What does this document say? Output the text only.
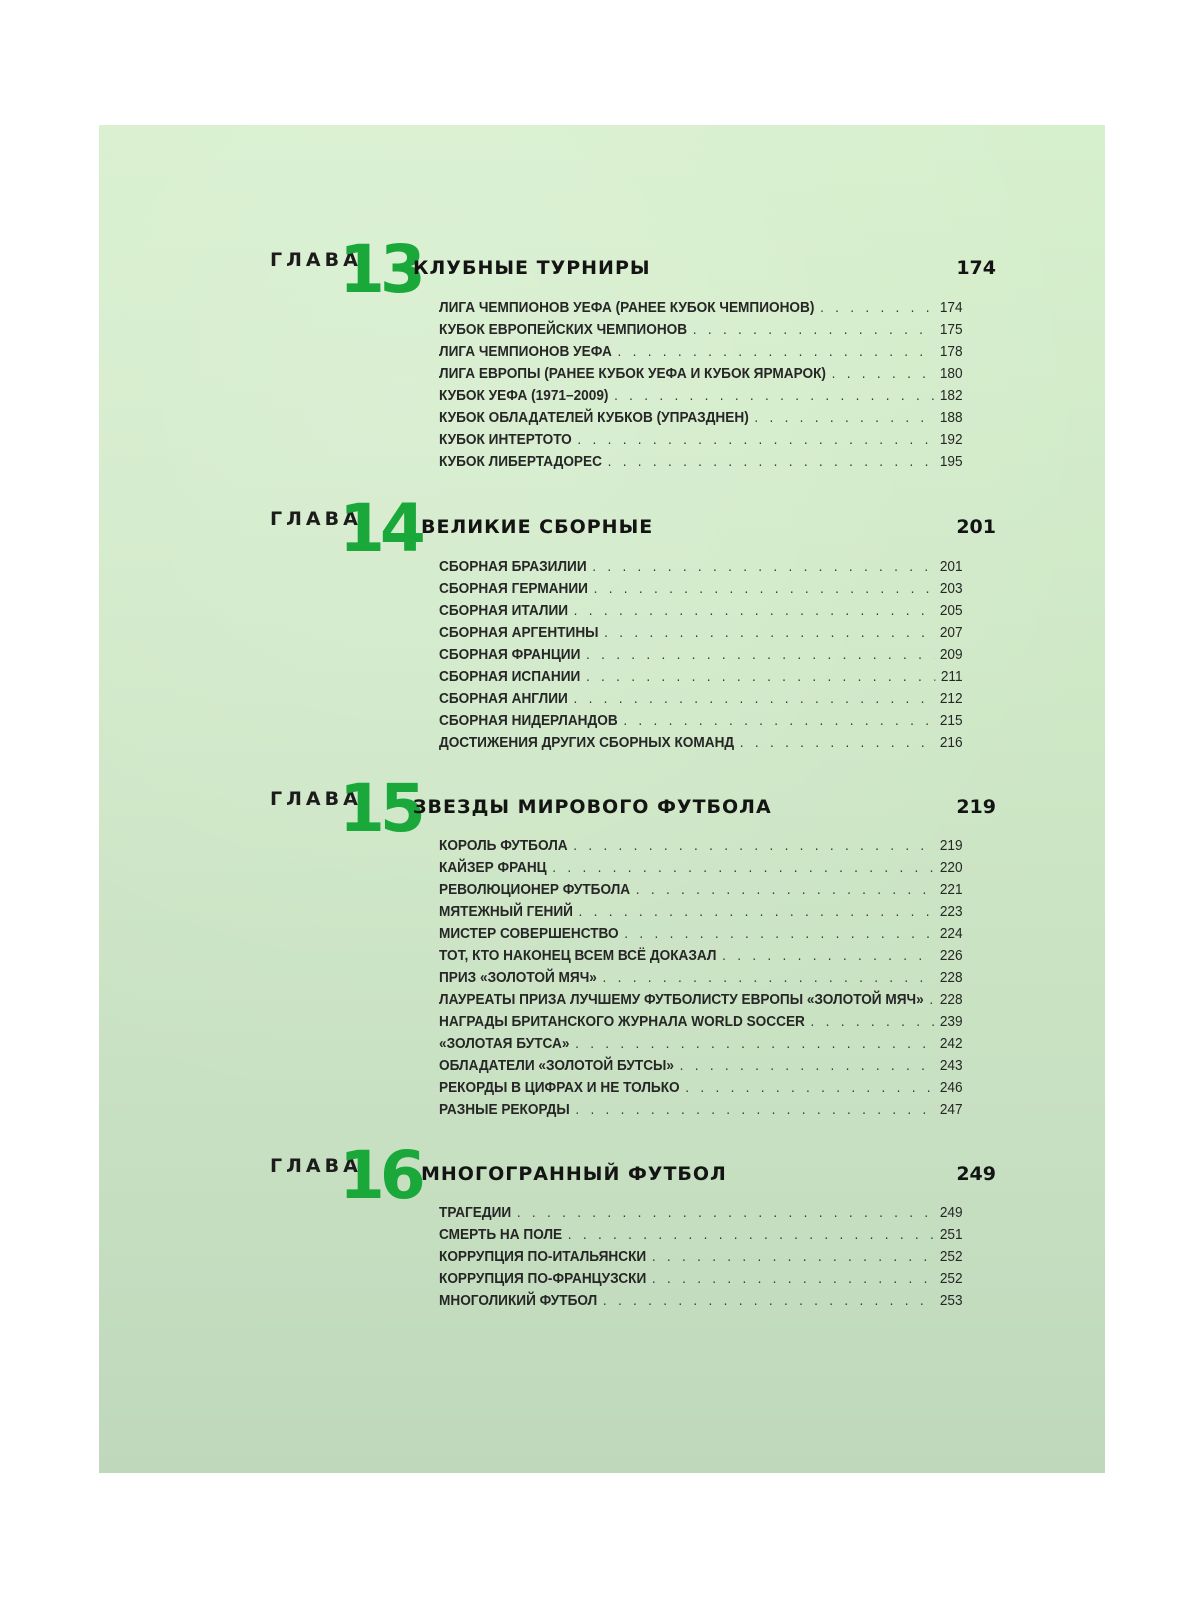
ГЛАВА
13
КЛУБНЫЕ ТУРНИРЫ	174
ЛИГА ЧЕМПИОНОВ УЕФА (РАНЕЕ КУБОК ЧЕМПИОНОВ) . . .	174
КУБОК ЕВРОПЕЙСКИХ ЧЕМПИОНОВ . . .	175
ЛИГА ЧЕМПИОНОВ УЕФА . . .	178
ЛИГА ЕВРОПЫ (РАНЕЕ КУБОК УЕФА И КУБОК ЯРМАРОК) . . .	180
КУБОК УЕФА (1971–2009) . . .	182
КУБОК ОБЛАДАТЕЛЕЙ КУБКОВ (УПРАЗДНЕН) . . .	188
КУБОК ИНТЕРТОТО . . .	192
КУБОК ЛИБЕРТАДОРЕС . . .	195
ГЛАВА
14 ВЕЛИКИЕ СБОРНЫЕ	201
СБОРНАЯ БРАЗИЛИИ . . .	201
СБОРНАЯ ГЕРМАНИИ . . .	203
СБОРНАЯ ИТАЛИИ . . .	205
СБОРНАЯ АРГЕНТИНЫ . . .	207
СБОРНАЯ ФРАНЦИИ . . .	209
СБОРНАЯ ИСПАНИИ . . .	211
СБОРНАЯ АНГЛИИ . . .	212
СБОРНАЯ НИДЕРЛАНДОВ . . .	215
ДОСТИЖЕНИЯ ДРУГИХ СБОРНЫХ КОМАНД . . .	216
ГЛАВА
15
ЗВЕЗДЫ МИРОВОГО ФУТБОЛА	219
КОРОЛЬ ФУТБОЛА . . .	219
КАЙЗЕР ФРАНЦ . . .	220
РЕВОЛЮЦИОНЕР ФУТБОЛА . . .	221
МЯТЕЖНЫЙ ГЕНИЙ . . .	223
МИСТЕР СОВЕРШЕНСТВО . . .	224
ТОТ, КТО НАКОНЕЦ ВСЕМ ВСЁ ДОКАЗАЛ . . .	226
ПРИЗ «ЗОЛОТОЙ МЯЧ» . . .	228
ЛАУРЕАТЫ ПРИЗА ЛУЧШЕМУ ФУТБОЛИСТУ ЕВРОПЫ «ЗОЛОТОЙ МЯЧ» . . . 228
НАГРАДЫ БРИТАНСКОГО ЖУРНАЛА WORLD SOCCER . . .	239
«ЗОЛОТАЯ БУТСА» . . .	242
ОБЛАДАТЕЛИ «ЗОЛОТОЙ БУТСЫ» . . .	243
РЕКОРДЫ В ЦИФРАХ И НЕ ТОЛЬКО . . .	246
РАЗНЫЕ РЕКОРДЫ . . .	247
ГЛАВА
16 МНОГОГРАННЫЙ ФУТБОЛ	249
ТРАГЕДИИ . . .	249
СМЕРТЬ НА ПОЛЕ . . .	251
КОРРУПЦИЯ ПО-ИТАЛЬЯНСКИ . . .	252
КОРРУПЦИЯ ПО-ФРАНЦУЗСКИ . . .	252
МНОГОЛИКИЙ ФУТБОЛ . . .	253
